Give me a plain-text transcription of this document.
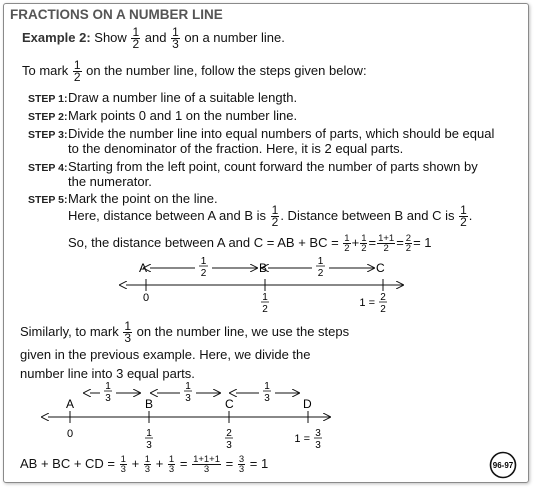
FRACTIONS ON A NUMBER LINE
Example 2: Show $\frac{1}{2}$ and $\frac{1}{3}$ on a number line.
To mark $\frac{1}{2}$ on the number line, follow the steps given below:
STEP 1: Draw a number line of a suitable length.
STEP 2: Mark points 0 and 1 on the number line.
STEP 3: Divide the number line into equal numbers of parts, which should be equal
to the denominator of the fraction. Here, it is 2 equal parts.
STEP 4: Starting from the left point, count forward the number of parts shown by
the numerator.
STEP 5: Mark the point on the line.
Here, distance between A and B is $\frac{1}{2}$ . Distance between B and C is $\frac{1}{2}$ .
So, the distance between A and C = AB + BC = $\frac{1}{2} + \frac{1}{2} = \frac{1+1}{2} = \frac{2}{2} = 1$
A	B	C
1
2
1
2
0	1
2
1 = 2
2
A	B	C	D
1
3
1
3
1
3
0	1
3
2
3
1 = 3
3
Similarly, to mark $\frac{1}{3}$ on the number line, we use the steps
given in the previous example. Here, we divide the
number line into 3 equal parts.
AB + BC + CD = $\frac{1}{3} + \frac{1}{3} + \frac{1}{3} = \frac{1+1+1}{3} = \frac{3}{3} = 1$	96-97
